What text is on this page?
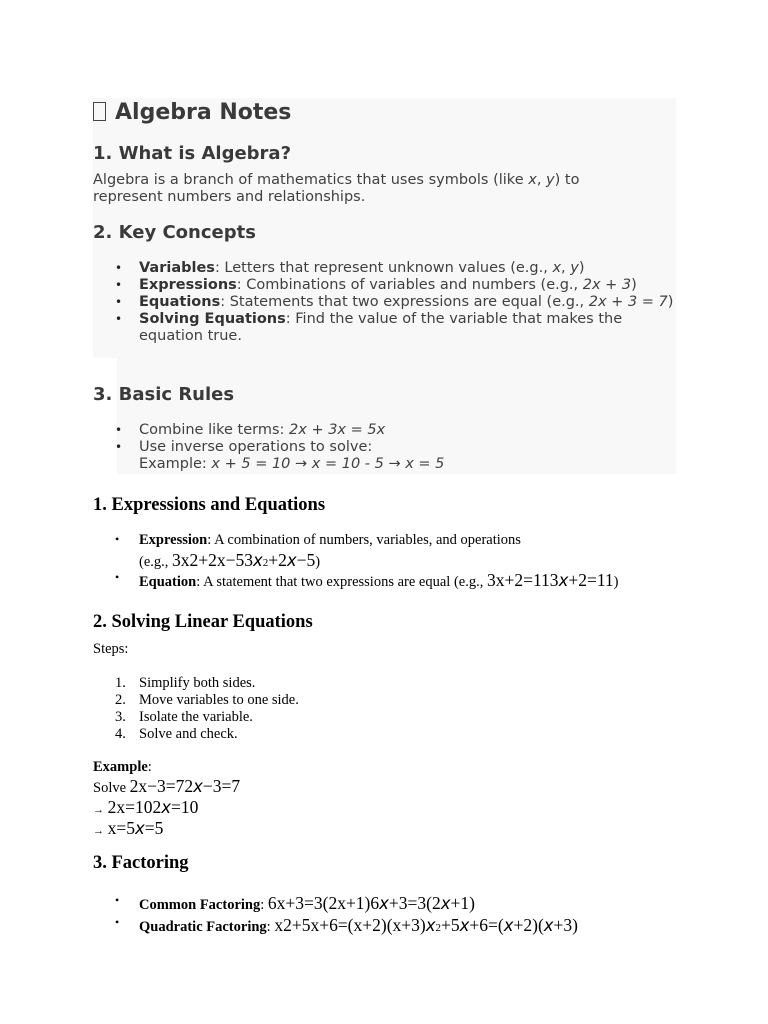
Algebra Notes
1. What is Algebra?
Algebra is a branch of mathematics that uses symbols (like x, y) to represent numbers and relationships.
2. Key Concepts
• Variables: Letters that represent unknown values (e.g., x, y)
• Expressions: Combinations of variables and numbers (e.g., 2x + 3)
• Equations: Statements that two expressions are equal (e.g., 2x + 3 = 7)
• Solving Equations: Find the value of the variable that makes the equation true.
3. Basic Rules
• Combine like terms: 2x + 3x = 5x
• Use inverse operations to solve:
Example: x + 5 = 10 → x = 10 - 5 → x = 5
1. Expressions and Equations
• Expression: A combination of numbers, variables, and operations
(e.g., 3x2+2x−53x2+2x−5)
• Equation: A statement that two expressions are equal (e.g., 3x+2=113x+2=11)
2. Solving Linear Equations
Steps:
1. Simplify both sides.
2. Move variables to one side.
3. Isolate the variable.
4. Solve and check.
Example:
Solve 2x−3=72x−3=7
→ 2x=102x=10
→ x=5x=5
3. Factoring
• Common Factoring: 6x+3=3(2x+1)6x+3=3(2x+1)
• Quadratic Factoring: x2+5x+6=(x+2)(x+3)x2+5x+6=(x+2)(x+3)
